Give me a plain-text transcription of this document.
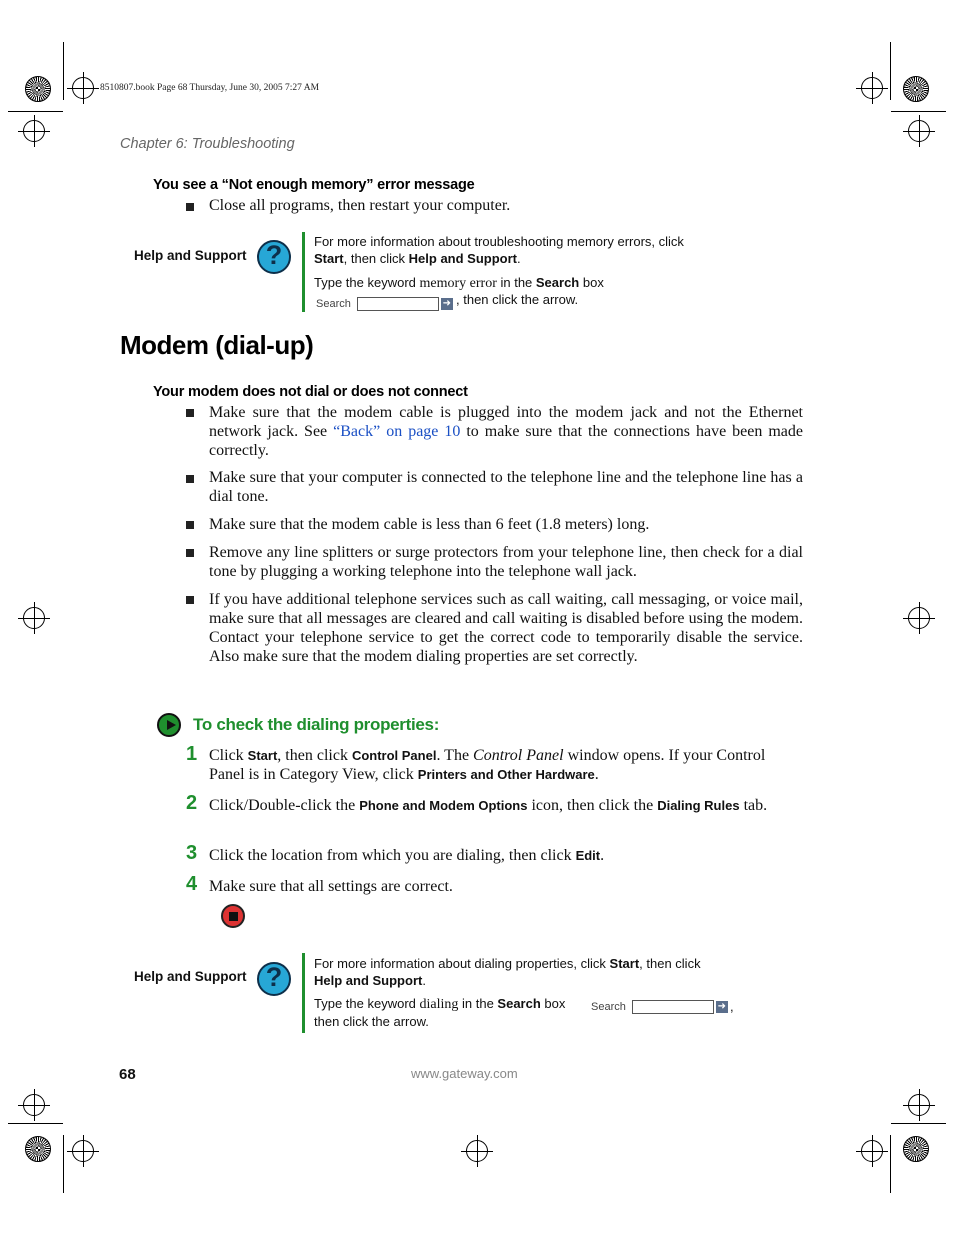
8510807.book Page 68 Thursday, June 30, 2005 7:27 AM
Chapter 6: Troubleshooting
You see a “Not enough memory” error message
Close all programs, then restart your computer.
Help and Support ?	For more information about troubleshooting memory errors, click
Start, then click Help and Support.
Type the keyword memory error in the Search box
Search	➜ , then click the arrow.
Modem (dial-up)
Your modem does not dial or does not connect
Make sure that the modem cable is plugged into the modem jack and not the Ethernet network jack. See “Back” on page 10 to make sure that the connections have been made correctly.
Make sure that your computer is connected to the telephone line and the telephone line has a dial tone.
Make sure that the modem cable is less than 6 feet (1.8 meters) long.
Remove any line splitters or surge protectors from your telephone line, then check for a dial tone by plugging a working telephone into the telephone wall jack.
If you have additional telephone services such as call waiting, call messaging, or voice mail, make sure that all messages are cleared and call waiting is disabled before using the modem. Contact your telephone service to get the correct code to temporarily disable the service. Also make sure that the modem dialing properties are set correctly.
To check the dialing properties:
1 Click Start, then click Control Panel. The Control Panel window opens. If your Control Panel is in Category View, click Printers and Other Hardware.
2 Click/Double-click the Phone and Modem Options icon, then click the Dialing Rules tab.
3 Click the location from which you are dialing, then click Edit.
4 Make sure that all settings are correct.
Help and Support ?	For more information about dialing properties, click Start, then click
Help and Support.
Type the keyword dialing in the Search box Search	➜ ,
then click the arrow.
68	www.gateway.com
